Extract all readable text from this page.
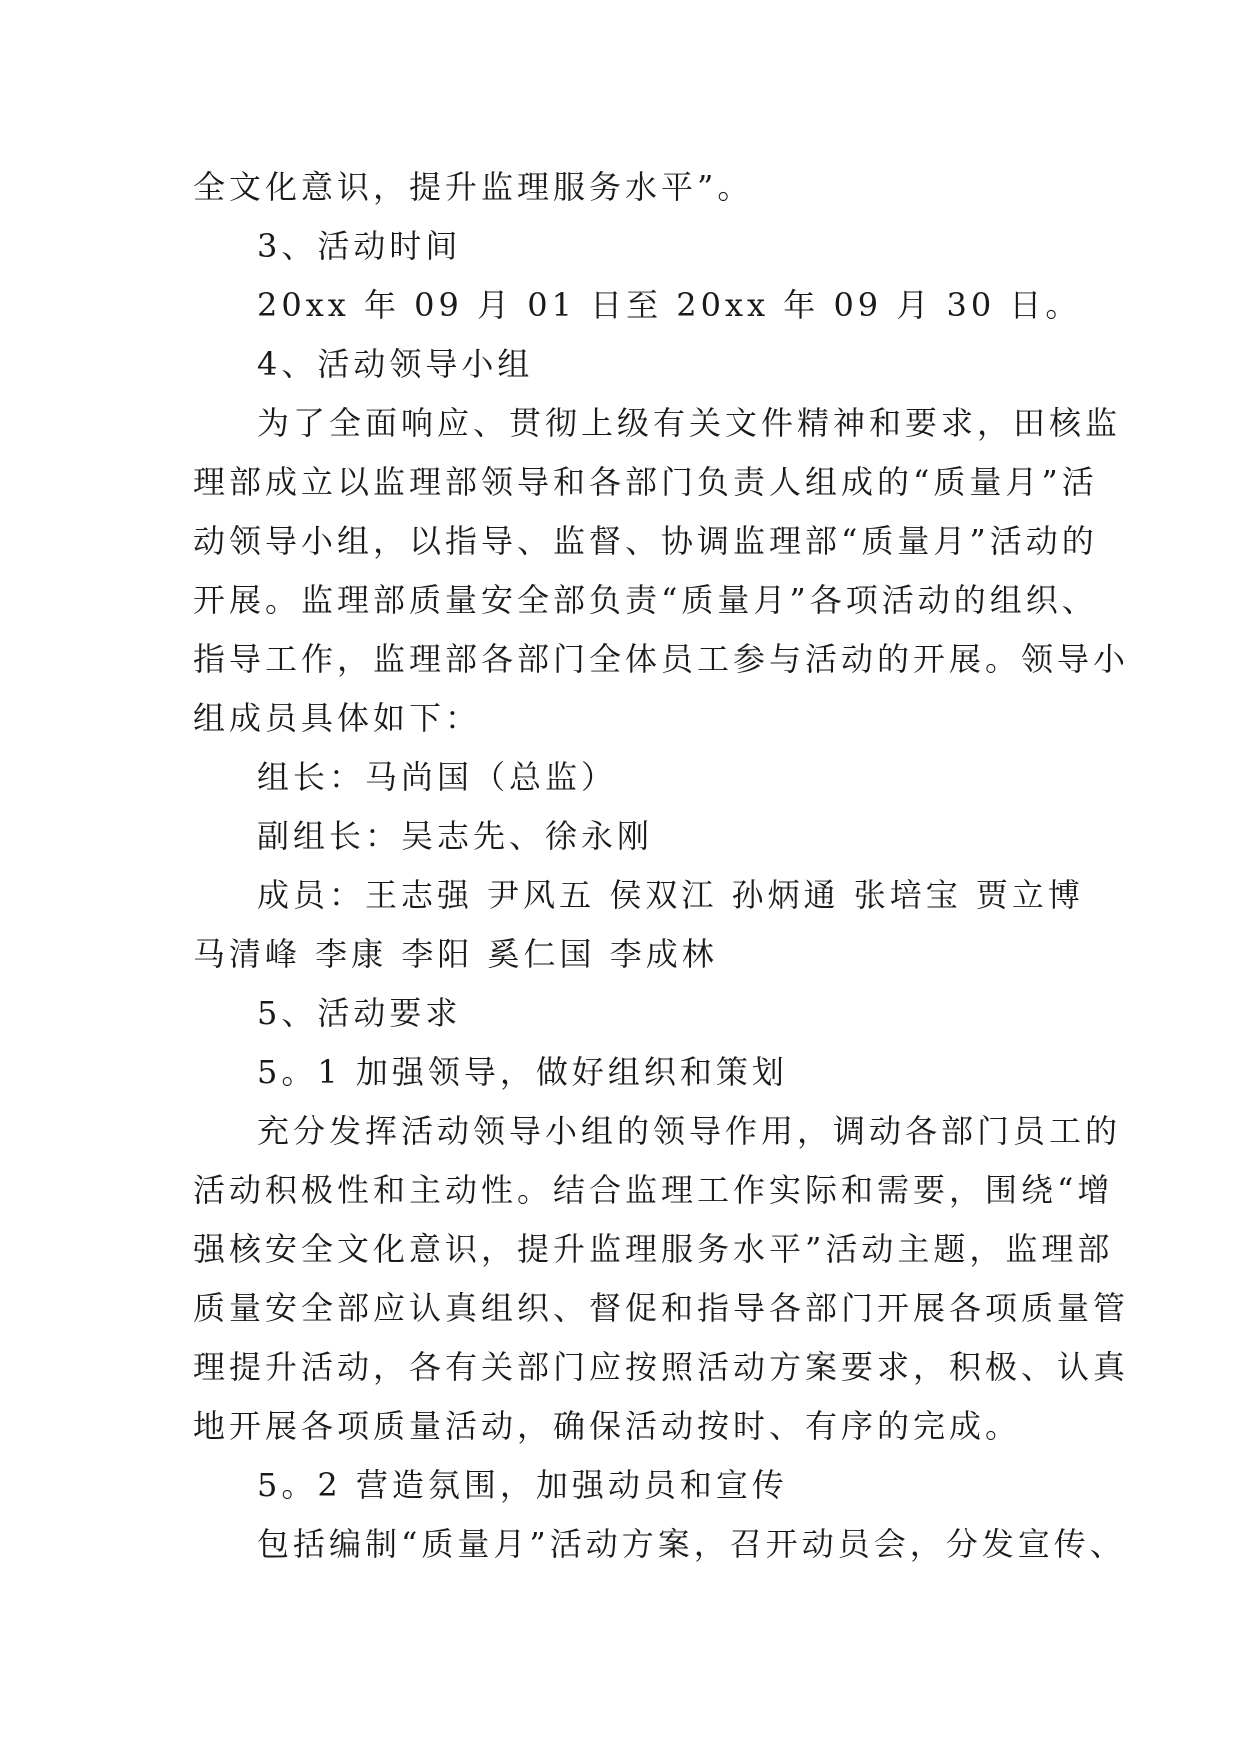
全文化意识，提升监理服务水平”。
3、活动时间
20xx 年 09 月 01 日至 20xx 年 09 月 30 日。
4、活动领导小组
为了全面响应、贯彻上级有关文件精神和要求，田核监
理部成立以监理部领导和各部门负责人组成的“质量月”活
动领导小组，以指导、监督、协调监理部“质量月”活动的
开展。监理部质量安全部负责“质量月”各项活动的组织、
指导工作，监理部各部门全体员工参与活动的开展。领导小
组成员具体如下：
组长：马尚国（总监）
副组长：吴志先、徐永刚
成员：王志强 尹风五 侯双江 孙炳通 张培宝 贾立博
马清峰 李康 李阳 奚仁国 李成林
5、活动要求
5。1 加强领导，做好组织和策划
充分发挥活动领导小组的领导作用，调动各部门员工的
活动积极性和主动性。结合监理工作实际和需要，围绕“增
强核安全文化意识，提升监理服务水平”活动主题，监理部
质量安全部应认真组织、督促和指导各部门开展各项质量管
理提升活动，各有关部门应按照活动方案要求，积极、认真
地开展各项质量活动，确保活动按时、有序的完成。
5。2 营造氛围，加强动员和宣传
包括编制“质量月”活动方案，召开动员会，分发宣传、
